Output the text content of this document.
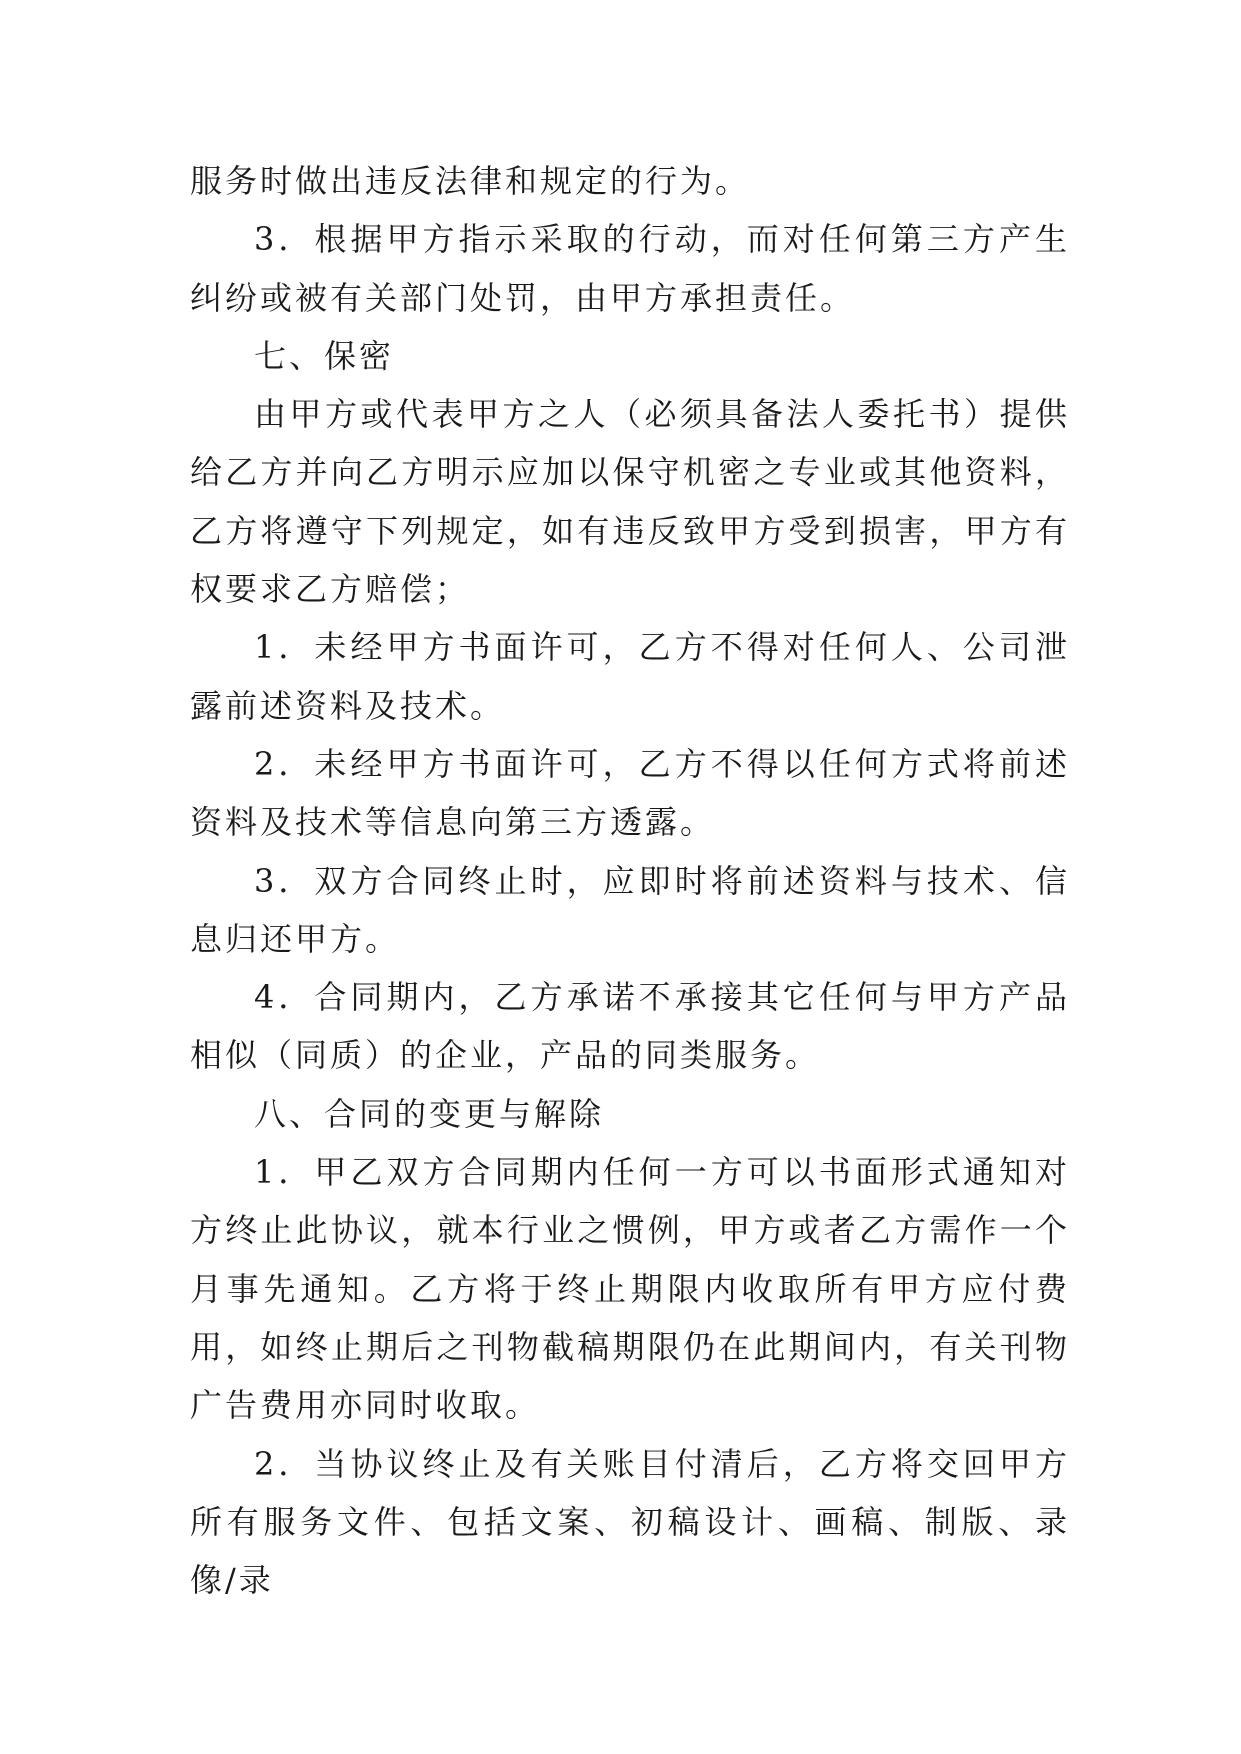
服务时做出违反法律和规定的行为。

3．根据甲方指示采取的行动，而对任何第三方产生纠纷或被有关部门处罚，由甲方承担责任。

七、保密

由甲方或代表甲方之人（必须具备法人委托书）提供给乙方并向乙方明示应加以保守机密之专业或其他资料，乙方将遵守下列规定，如有违反致甲方受到损害，甲方有权要求乙方赔偿；

1．未经甲方书面许可，乙方不得对任何人、公司泄露前述资料及技术。

2．未经甲方书面许可，乙方不得以任何方式将前述资料及技术等信息向第三方透露。

3．双方合同终止时，应即时将前述资料与技术、信息归还甲方。

4．合同期内，乙方承诺不承接其它任何与甲方产品相似（同质）的企业，产品的同类服务。

八、合同的变更与解除

1．甲乙双方合同期内任何一方可以书面形式通知对方终止此协议，就本行业之惯例，甲方或者乙方需作一个月事先通知。乙方将于终止期限内收取所有甲方应付费用，如终止期后之刊物截稿期限仍在此期间内，有关刊物广告费用亦同时收取。

2．当协议终止及有关账目付清后，乙方将交回甲方所有服务文件、包括文案、初稿设计、画稿、制版、录像/录
